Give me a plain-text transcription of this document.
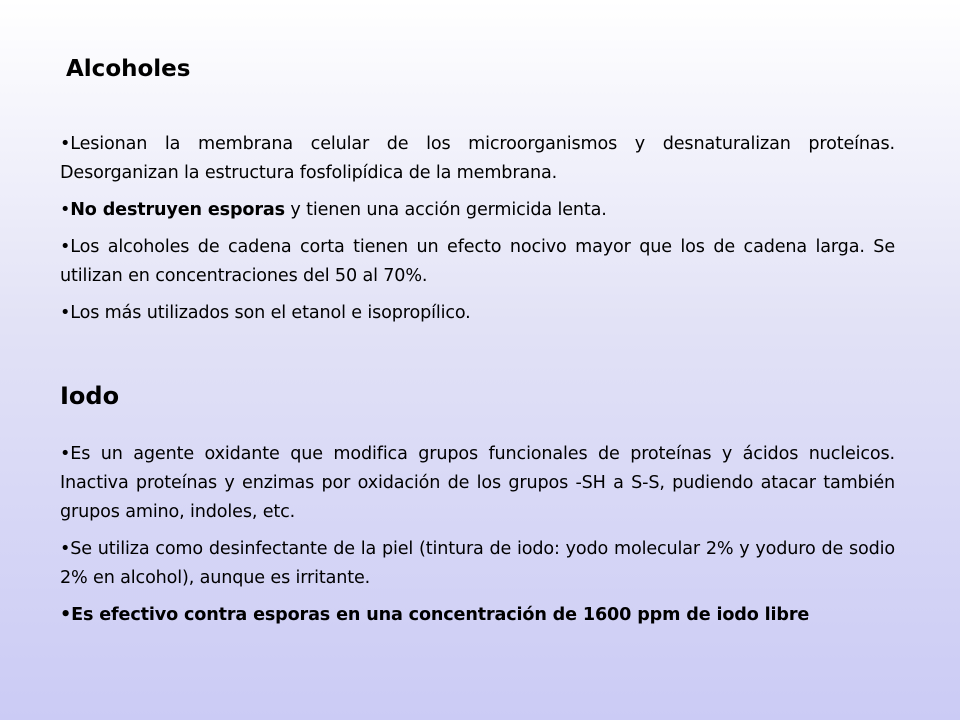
Alcoholes
•Lesionan la membrana celular de los microorganismos y desnaturalizan proteínas. Desorganizan la estructura fosfolipídica de la membrana.
•No destruyen esporas y tienen una acción germicida lenta.
•Los alcoholes de cadena corta tienen un efecto nocivo mayor que los de cadena larga. Se utilizan en concentraciones del 50 al 70%.
•Los más utilizados son el etanol e isopropílico.
Iodo
•Es un agente oxidante que modifica grupos funcionales de proteínas y ácidos nucleicos. Inactiva proteínas y enzimas por oxidación de los grupos -SH a S-S, pudiendo atacar también grupos amino, indoles, etc.
•Se utiliza como desinfectante de la piel (tintura de iodo: yodo molecular 2% y yoduro de sodio 2% en alcohol), aunque es irritante.
•Es efectivo contra esporas en una concentración de 1600 ppm de iodo libre
